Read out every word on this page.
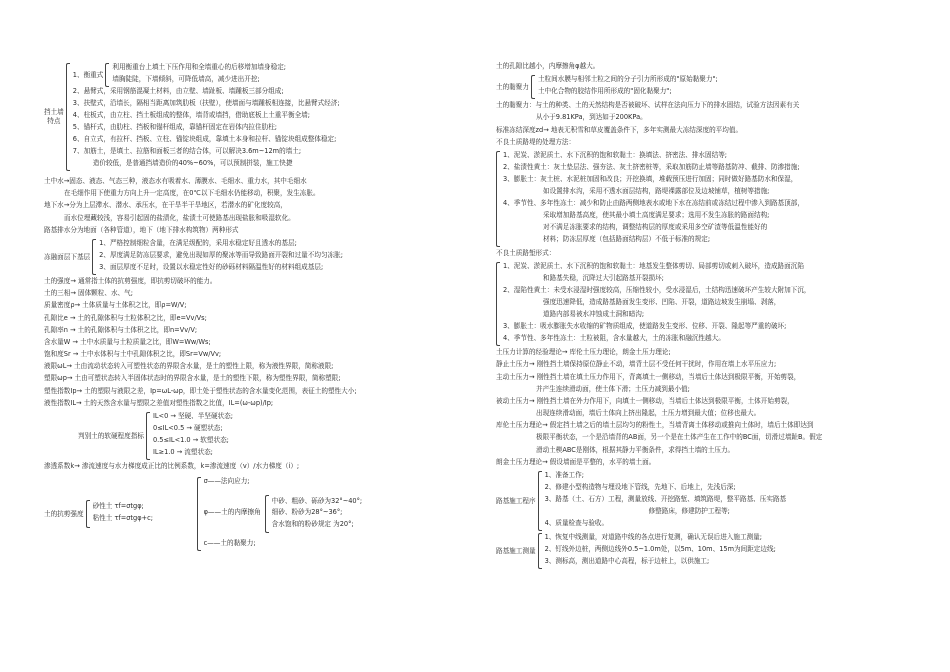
挡土墙
特点
1、衡重式

利用衡重台上填土下压作用和全墙重心的后移增加墙身稳定;

墙胸陡陡，下墙倾斜，可降低墙高，减少进出开挖;

2、悬臂式，采用钢筋混凝土材料，由立壁、墙趾板、墙踵板三部分组成;

3、扶壁式，沿墙长，隔相当距离加筑肋板（扶壁），使墙面与墙踵板相连接，比悬臂式经济;

4、柱板式，由立柱、挡土板组成的整体，墙背或墙挡，借助底板上土重平衡全墙;

5、锚杆式，由肋柱、挡板和锚杆组成，靠锚杆固定在岩体内拉住肋柱;

6、自立式，有拉杆、挡板、立柱、锚锭块组成，靠填土本身和拉杆、锚锭块组成整体稳定;

7、加筋土，是填土、拉筋和面板三者的结合体，可以解决3.6m~12m的墙土;

造价较低，是普通挡墙造价的40%~60%，可以预制拼装，施工快捷

土中水→固态、液态、气态三种，液态水有吸着水、薄膜水、毛细水、重力水，其中毛细水

在毛细作用下使重力方向上升一定高度，在0℃以下毛细水仍能移动，积聚，发生冻胀。

地下水→分为上层滞水、潜水、承压水，在干旱半干旱地区，若潜水的矿化度较高，

而水位埋藏较浅，容易引起固的盐渍化，盐渍土可使路基出现盐胀和吸湿软化。

路基排水分为地面（各种管道），地下（地下排水构筑物）两种形式

冻融面层下基层

1、严格控制细粒含量，在满足级配的，采用水稳定好且透水的基层;

2、厚度满足防冻层要求，避免出现如厚的聚冰等而导致路面开裂和过量不均匀冻胀;

3、面层厚度不足时，设置以水稳定性好的砂砾材料隔温性好的材料组成基层;

土的强度→ 通常指土体的抗剪强度，即抗剪切破坏的能力。

土的三相→ 固体颗粒、水、气;

质量密度ρ→ 土体质量与土体积之比，即ρ=W/V;

孔隙比e → 土的孔隙体积与土粒体积之比，即e=Vv/Vs;

孔隙率n → 土的孔隙体积与土体积之比，即n=Vv/V;

含水量W → 土中水质量与土粒质量之比，即W=Ww/Ws;

饱和度Sr → 土中水体积与土中孔隙体积之比，即Sr=Vw/Vv;

液限ωL→ 土由流动状态转入可塑性状态的界限含水量，是土的塑性上限，称为液性界限，简称液限;

塑限ωp→ 土由可塑状态转入半固体状态时的界限含水量，是土的塑性下限，称为塑性界限，简称塑限;

塑性指数Ip→ 土的塑限与液限之差，Ip=ωL-ωp，即土处于塑性状态的含水量变化范围，表征土的塑性大小;

液性指数IL→ 土的天然含水量与塑限之差值对塑性指数之比值，IL=(ω-ωp)/Ip;

判别土的软硬程度指标

IL<0 → 坚硬、半坚硬状态;

0≤IL<0.5 → 硬塑状态;

0.5≤IL<1.0 → 软塑状态;

IL≥1.0 → 流塑状态;

渗透系数k→ 渗流速度与水力梯度成正比的比例系数，k=渗流速度（v）/水力梯度（i）;

土的抗剪强度

砂性土 τf=σtgφ;

粘性土 τf=σtgφ+c;

σ——法向应力;

φ——土的内摩擦角

中砂、粗砂、砾砂为32°~40°;

细砂、粉砂为28°~36°;

含水饱和的粉砂规定 为20°;

c——土的黏聚力;

土的孔隙比越小，内摩擦角φ越大。

土的黏聚力

土粒间水膜与相邻土粒之间的分子引力所形成的"原始黏聚力";

土中化合物的胶结作用所形成的"固化黏聚力";

土的黏聚力：与土的种类、土的天然结构是否被破坏、试样在法向压力下的排水固结，试验方法因素有关

从小于9.81KPa，到达如于200KPa。

标准冻结深度zd→ 地表无积雪和草皮覆盖条件下，多年实测最大冻结深度的平均值。

不良土质路堤的处理方法：

1、泥炭、淤泥质土、水下沉积的饱和软黏土：换填法、挤密法、排水固结等;

2、盐渍性黄土：灰土垫层法、强夯法、灰土挤密桩等，采取加筋防止墙等路基防冲、截排、防渗措施;

3、膨胀土：灰土桩、水泥桩加固和改良；开挖换填，堆载预压进行加固；同时做好路基防水和保湿，

如设置排水沟，采用不透水面层结构，路堤裸露部位及边坡铺草，植树等措施;

4、季节性、多年性冻土：减少和防止由路两侧地表水或地下水在冻结前或冻结过程中渗入到路基顶部，

采取增加路基高度，使其最小填土高度满足要求；选用不发生冻胀的路面结构;

对不满足冻胀要求的结构，调整结构层的厚度或采用多空矿渣等低温性能好的

材料；防冻层厚度（包括路面结构层）不低于标准的规定;

不良土质路堑形式：

1、泥炭、淤泥质土、水下沉积的饱和软黏土：地基发生整体剪切、局部剪切或刺入破坏，造成路面沉陷

和路基失稳，沉降过大引起路基开裂损坏;

2、湿陷性黄土：未受水浸湿时强度较高，压缩性较小，受水浸湿后，土结构迅速破坏产生较大附加下沉，

强度迅速降低，造成路基路面发生变形、凹陷、开裂，道路边坡发生崩塌、剥落，

道路内部易被水冲蚀成土洞和暗沟;

3、膨胀土：吸水膨胀失水收缩的矿物质组成，使道路发生变形、位移、开裂、隆起等严重的破坏;

4、季节性、多年性冻土：土粒被阻，含水量越大，土的冻胀和融沉性越大。

土压力计算的经验理论→ 库伦土压力理论，朗金土压力理论;

静止土压力→ 刚性挡土墙保持原位静止不动，墙背土层不受任何干扰时，作用在墙上水平压应力;

主动土压力→ 刚性挡土墙在填土压力作用下，背离填土一侧移动，当墙后土体达到极限平衡，开始剪裂，

并产生连续滑动面，使土体下滑；土压力减到最小值;

被动土压力→ 刚性挡土墙在外力作用下，向填土一侧移动，当墙后土体达到极限平衡，土体开始剪裂，

出现连续滑动面，墙后土体向上挤出隆起，土压力增到最大值；位移也最大。

库伦土压力理论→ 假定挡土墙之后的墙土层均匀的粉性土，当墙背离土体移动或推向土体时，墙后土体即达到

极限平衡状态，一个是沿墙背的AB面，另一个是在土体产生在工作中的BC面，切滑过墙趾B。假定

滑动土楔ABC是刚体，根据其静力平衡条件，求得挡土墙的土压力。

朗金土压力理论→ 假设墙面是平整的，水平的墙土面。

路基施工程序

1、准备工作;

2、修建小型构造物与埋设地下管线，先地下、后地上，先浅后深;

3、路基（土、石方）工程，测量放线、开挖路堑、填筑路堤，整平路基、压实路基

修整路床，修建防护工程等;

4、质量检查与验收。

路基施工测量

1、恢复中线测量，对道路中线的各点进行复测，确认无误后进入施工测量;

2、钉线外边桩，两侧边线外0.5~1.0m处，以5m、10m、15m为间距定边线;

3、测标高，测出道路中心高程，标于边桩上，以供施工;
